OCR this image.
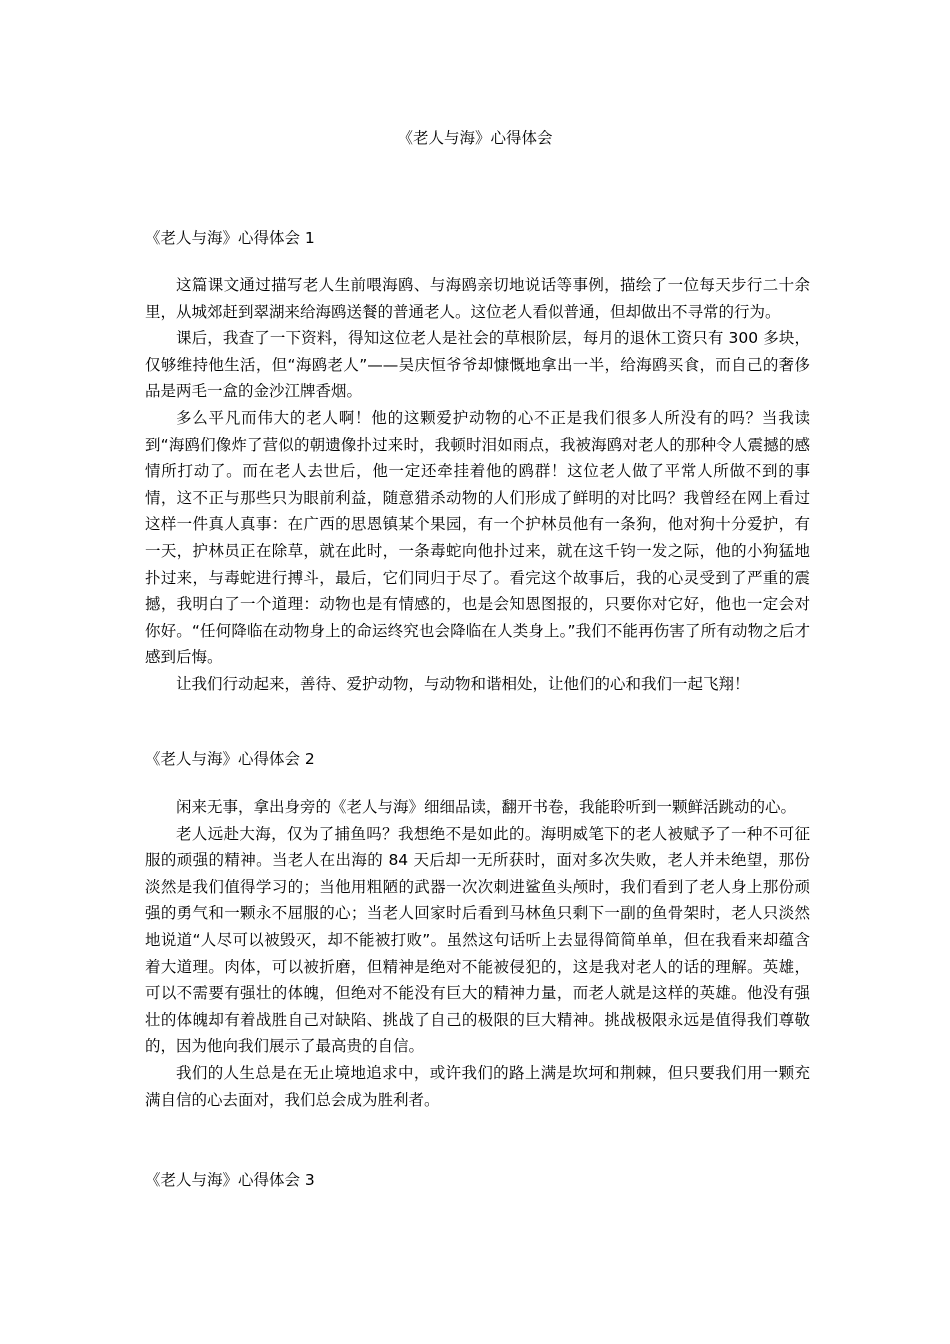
《老人与海》心得体会
《老人与海》心得体会 1

这篇课文通过描写老人生前喂海鸥、与海鸥亲切地说话等事例，描绘了一位每天步行二十余里，从城郊赶到翠湖来给海鸥送餐的普通老人。这位老人看似普通，但却做出不寻常的行为。

课后，我查了一下资料，得知这位老人是社会的草根阶层，每月的退休工资只有 300 多块，仅够维持他生活，但“海鸥老人”——吴庆恒爷爷却慷慨地拿出一半，给海鸥买食，而自己的奢侈品是两毛一盒的金沙江牌香烟。

多么平凡而伟大的老人啊！他的这颗爱护动物的心不正是我们很多人所没有的吗？当我读到“海鸥们像炸了营似的朝遗像扑过来时，我顿时泪如雨点，我被海鸥对老人的那种令人震撼的感情所打动了。而在老人去世后，他一定还牵挂着他的鸥群！这位老人做了平常人所做不到的事情，这不正与那些只为眼前利益，随意猎杀动物的人们形成了鲜明的对比吗？我曾经在网上看过这样一件真人真事：在广西的思恩镇某个果园，有一个护林员他有一条狗，他对狗十分爱护，有一天，护林员正在除草，就在此时，一条毒蛇向他扑过来，就在这千钧一发之际，他的小狗猛地扑过来，与毒蛇进行搏斗，最后，它们同归于尽了。看完这个故事后，我的心灵受到了严重的震撼，我明白了一个道理：动物也是有情感的，也是会知恩图报的，只要你对它好，他也一定会对你好。“任何降临在动物身上的命运终究也会降临在人类身上。”我们不能再伤害了所有动物之后才感到后悔。

让我们行动起来，善待、爱护动物，与动物和谐相处，让他们的心和我们一起飞翔！

《老人与海》心得体会 2

闲来无事，拿出身旁的《老人与海》细细品读，翻开书卷，我能聆听到一颗鲜活跳动的心。

老人远赴大海，仅为了捕鱼吗？我想绝不是如此的。海明威笔下的老人被赋予了一种不可征服的顽强的精神。当老人在出海的 84 天后却一无所获时，面对多次失败，老人并未绝望，那份淡然是我们值得学习的；当他用粗陋的武器一次次刺进鲨鱼头颅时，我们看到了老人身上那份顽强的勇气和一颗永不屈服的心；当老人回家时后看到马林鱼只剩下一副的鱼骨架时，老人只淡然地说道“人尽可以被毁灭，却不能被打败”。虽然这句话听上去显得简简单单，但在我看来却蕴含着大道理。肉体，可以被折磨，但精神是绝对不能被侵犯的，这是我对老人的话的理解。英雄，可以不需要有强壮的体魄，但绝对不能没有巨大的精神力量，而老人就是这样的英雄。他没有强壮的体魄却有着战胜自己对缺陷、挑战了自己的极限的巨大精神。挑战极限永远是值得我们尊敬的，因为他向我们展示了最高贵的自信。

我们的人生总是在无止境地追求中，或许我们的路上满是坎坷和荆棘，但只要我们用一颗充满自信的心去面对，我们总会成为胜利者。

《老人与海》心得体会 3
